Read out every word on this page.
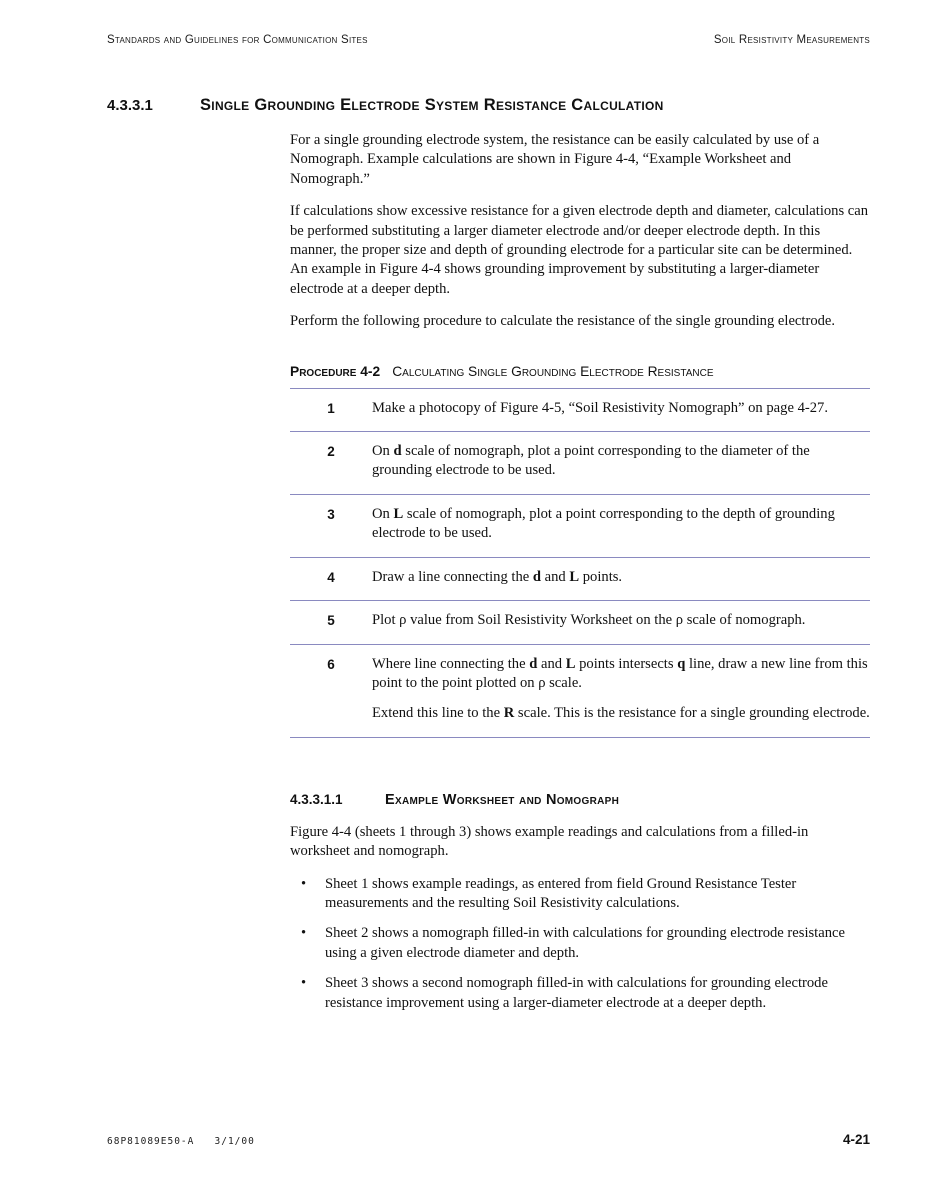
Standards and Guidelines for Communication Sites	Soil Resistivity Measurements
4.3.3.1	Single Grounding Electrode System Resistance Calculation

For a single grounding electrode system, the resistance can be easily calculated by use of a Nomograph. Example calculations are shown in Figure 4-4, “Example Worksheet and Nomograph.”

If calculations show excessive resistance for a given electrode depth and diameter, calculations can be performed substituting a larger diameter electrode and/or deeper electrode depth. In this manner, the proper size and depth of grounding electrode for a particular site can be determined. An example in Figure 4-4 shows grounding improvement by substituting a larger-diameter electrode at a deeper depth.

Perform the following procedure to calculate the resistance of the single grounding electrode.

Procedure 4-2 Calculating Single Grounding Electrode Resistance
1	Make a photocopy of Figure 4-5, “Soil Resistivity Nomograph” on page 4-27.

2	On d scale of nomograph, plot a point corresponding to the diameter of the grounding electrode to be used.

3	On L scale of nomograph, plot a point corresponding to the depth of grounding electrode to be used.

4	Draw a line connecting the d and L points.

5	Plot ρ value from Soil Resistivity Worksheet on the ρ scale of nomograph.

6	Where line connecting the d and L points intersects q line, draw a new line from this point to the point plotted on ρ scale.

Extend this line to the R scale. This is the resistance for a single grounding electrode.

4.3.3.1.1	Example Worksheet and Nomograph

Figure 4-4 (sheets 1 through 3) shows example readings and calculations from a filled-in worksheet and nomograph.

•	Sheet 1 shows example readings, as entered from field Ground Resistance Tester measurements and the resulting Soil Resistivity calculations.
•	Sheet 2 shows a nomograph filled-in with calculations for grounding electrode resistance using a given electrode diameter and depth.
•	Sheet 3 shows a second nomograph filled-in with calculations for grounding electrode resistance improvement using a larger-diameter electrode at a deeper depth.
68P81089E50-A   3/1/00	4-21
